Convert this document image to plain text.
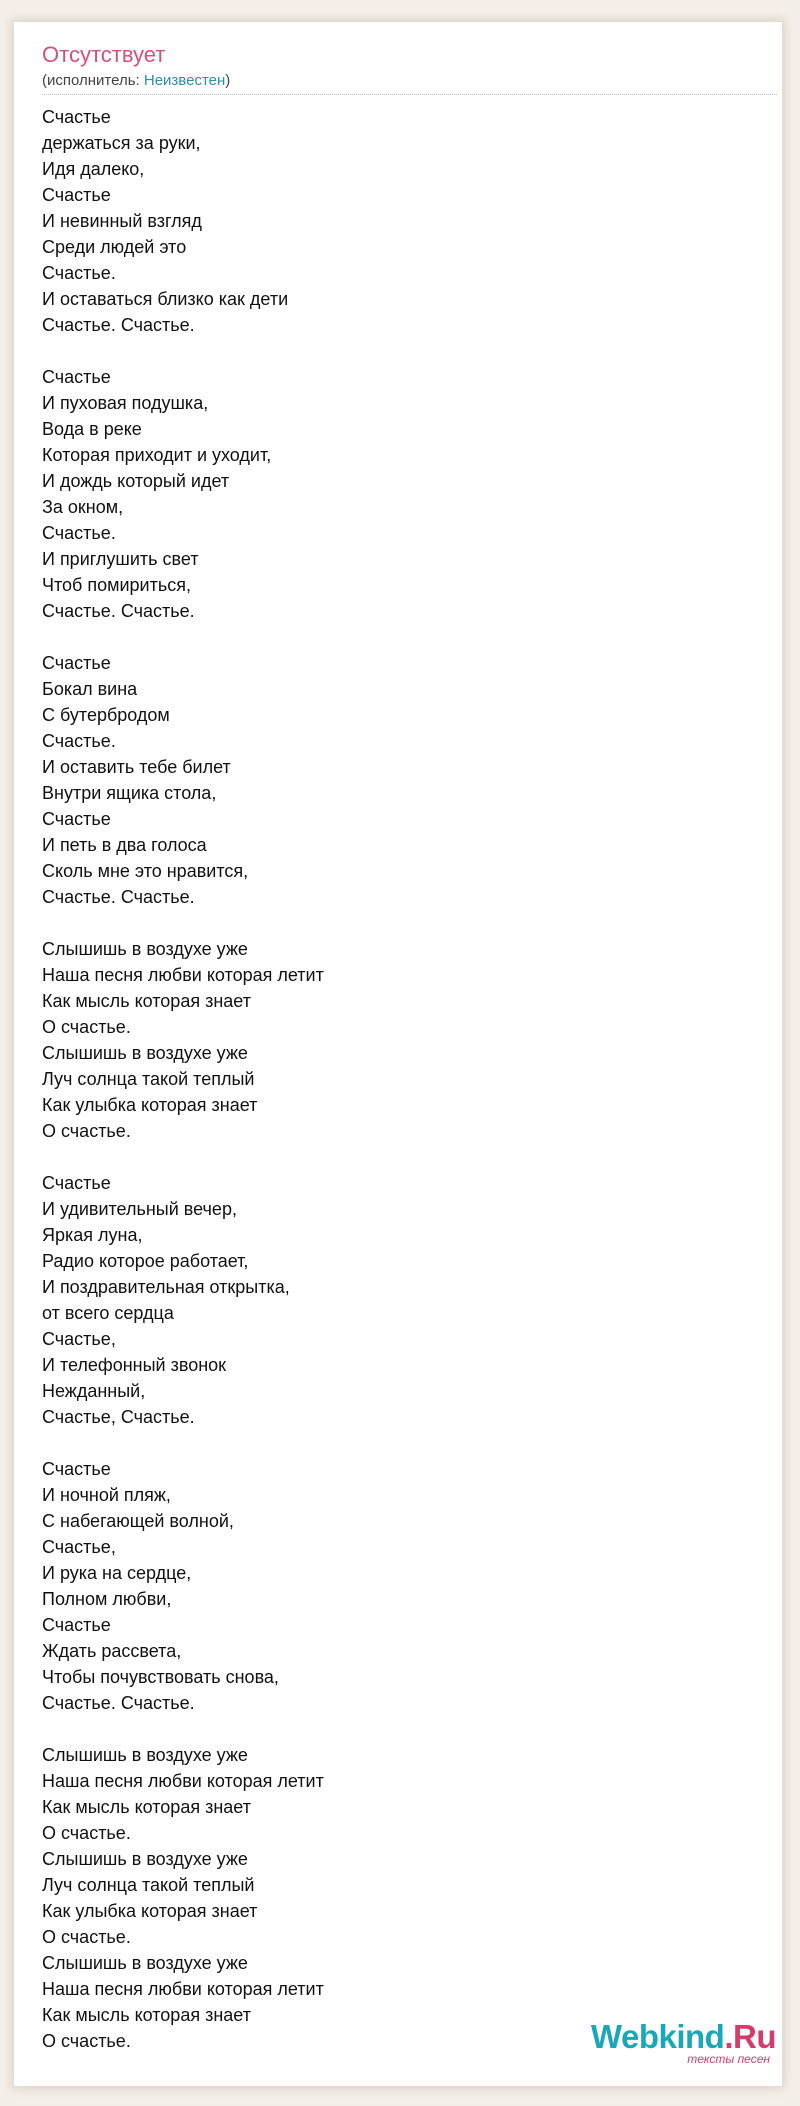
Отсутствует
(исполнитель: Неизвестен)
Счастье
держаться за руки,
Идя далеко,
Счастье
И невинный взгляд
Среди людей это
Счастье.
И оставаться близко как дети
Счастье. Счастье.
Счастье
И пуховая подушка,
Вода в реке
Которая приходит и уходит,
И дождь который идет
За окном,
Счастье.
И приглушить свет
Чтоб помириться,
Счастье. Счастье.
Счастье
Бокал вина
С бутербродом
Счастье.
И оставить тебе билет
Внутри ящика стола,
Счастье
И петь в два голоса
Сколь мне это нравится,
Счастье. Счастье.
Слышишь в воздухе уже
Наша песня любви которая летит
Как мысль которая знает
О счастье.
Слышишь в воздухе уже
Луч солнца такой теплый
Как улыбка которая знает
О счастье.
Счастье
И удивительный вечер,
Яркая луна,
Радио которое работает,
И поздравительная открытка,
от всего сердца
Счастье,
И телефонный звонок
Нежданный,
Счастье, Счастье.
Счастье
И ночной пляж,
С набегающей волной,
Счастье,
И рука на сердце,
Полном любви,
Счастье
Ждать рассвета,
Чтобы почувствовать снова,
Счастье. Счастье.
Слышишь в воздухе уже
Наша песня любви которая летит
Как мысль которая знает
О счастье.
Слышишь в воздухе уже
Луч солнца такой теплый
Как улыбка которая знает
О счастье.
Слышишь в воздухе уже
Наша песня любви которая летит
Как мысль которая знает
О счастье.	Webkind.Ru
тексты песен
